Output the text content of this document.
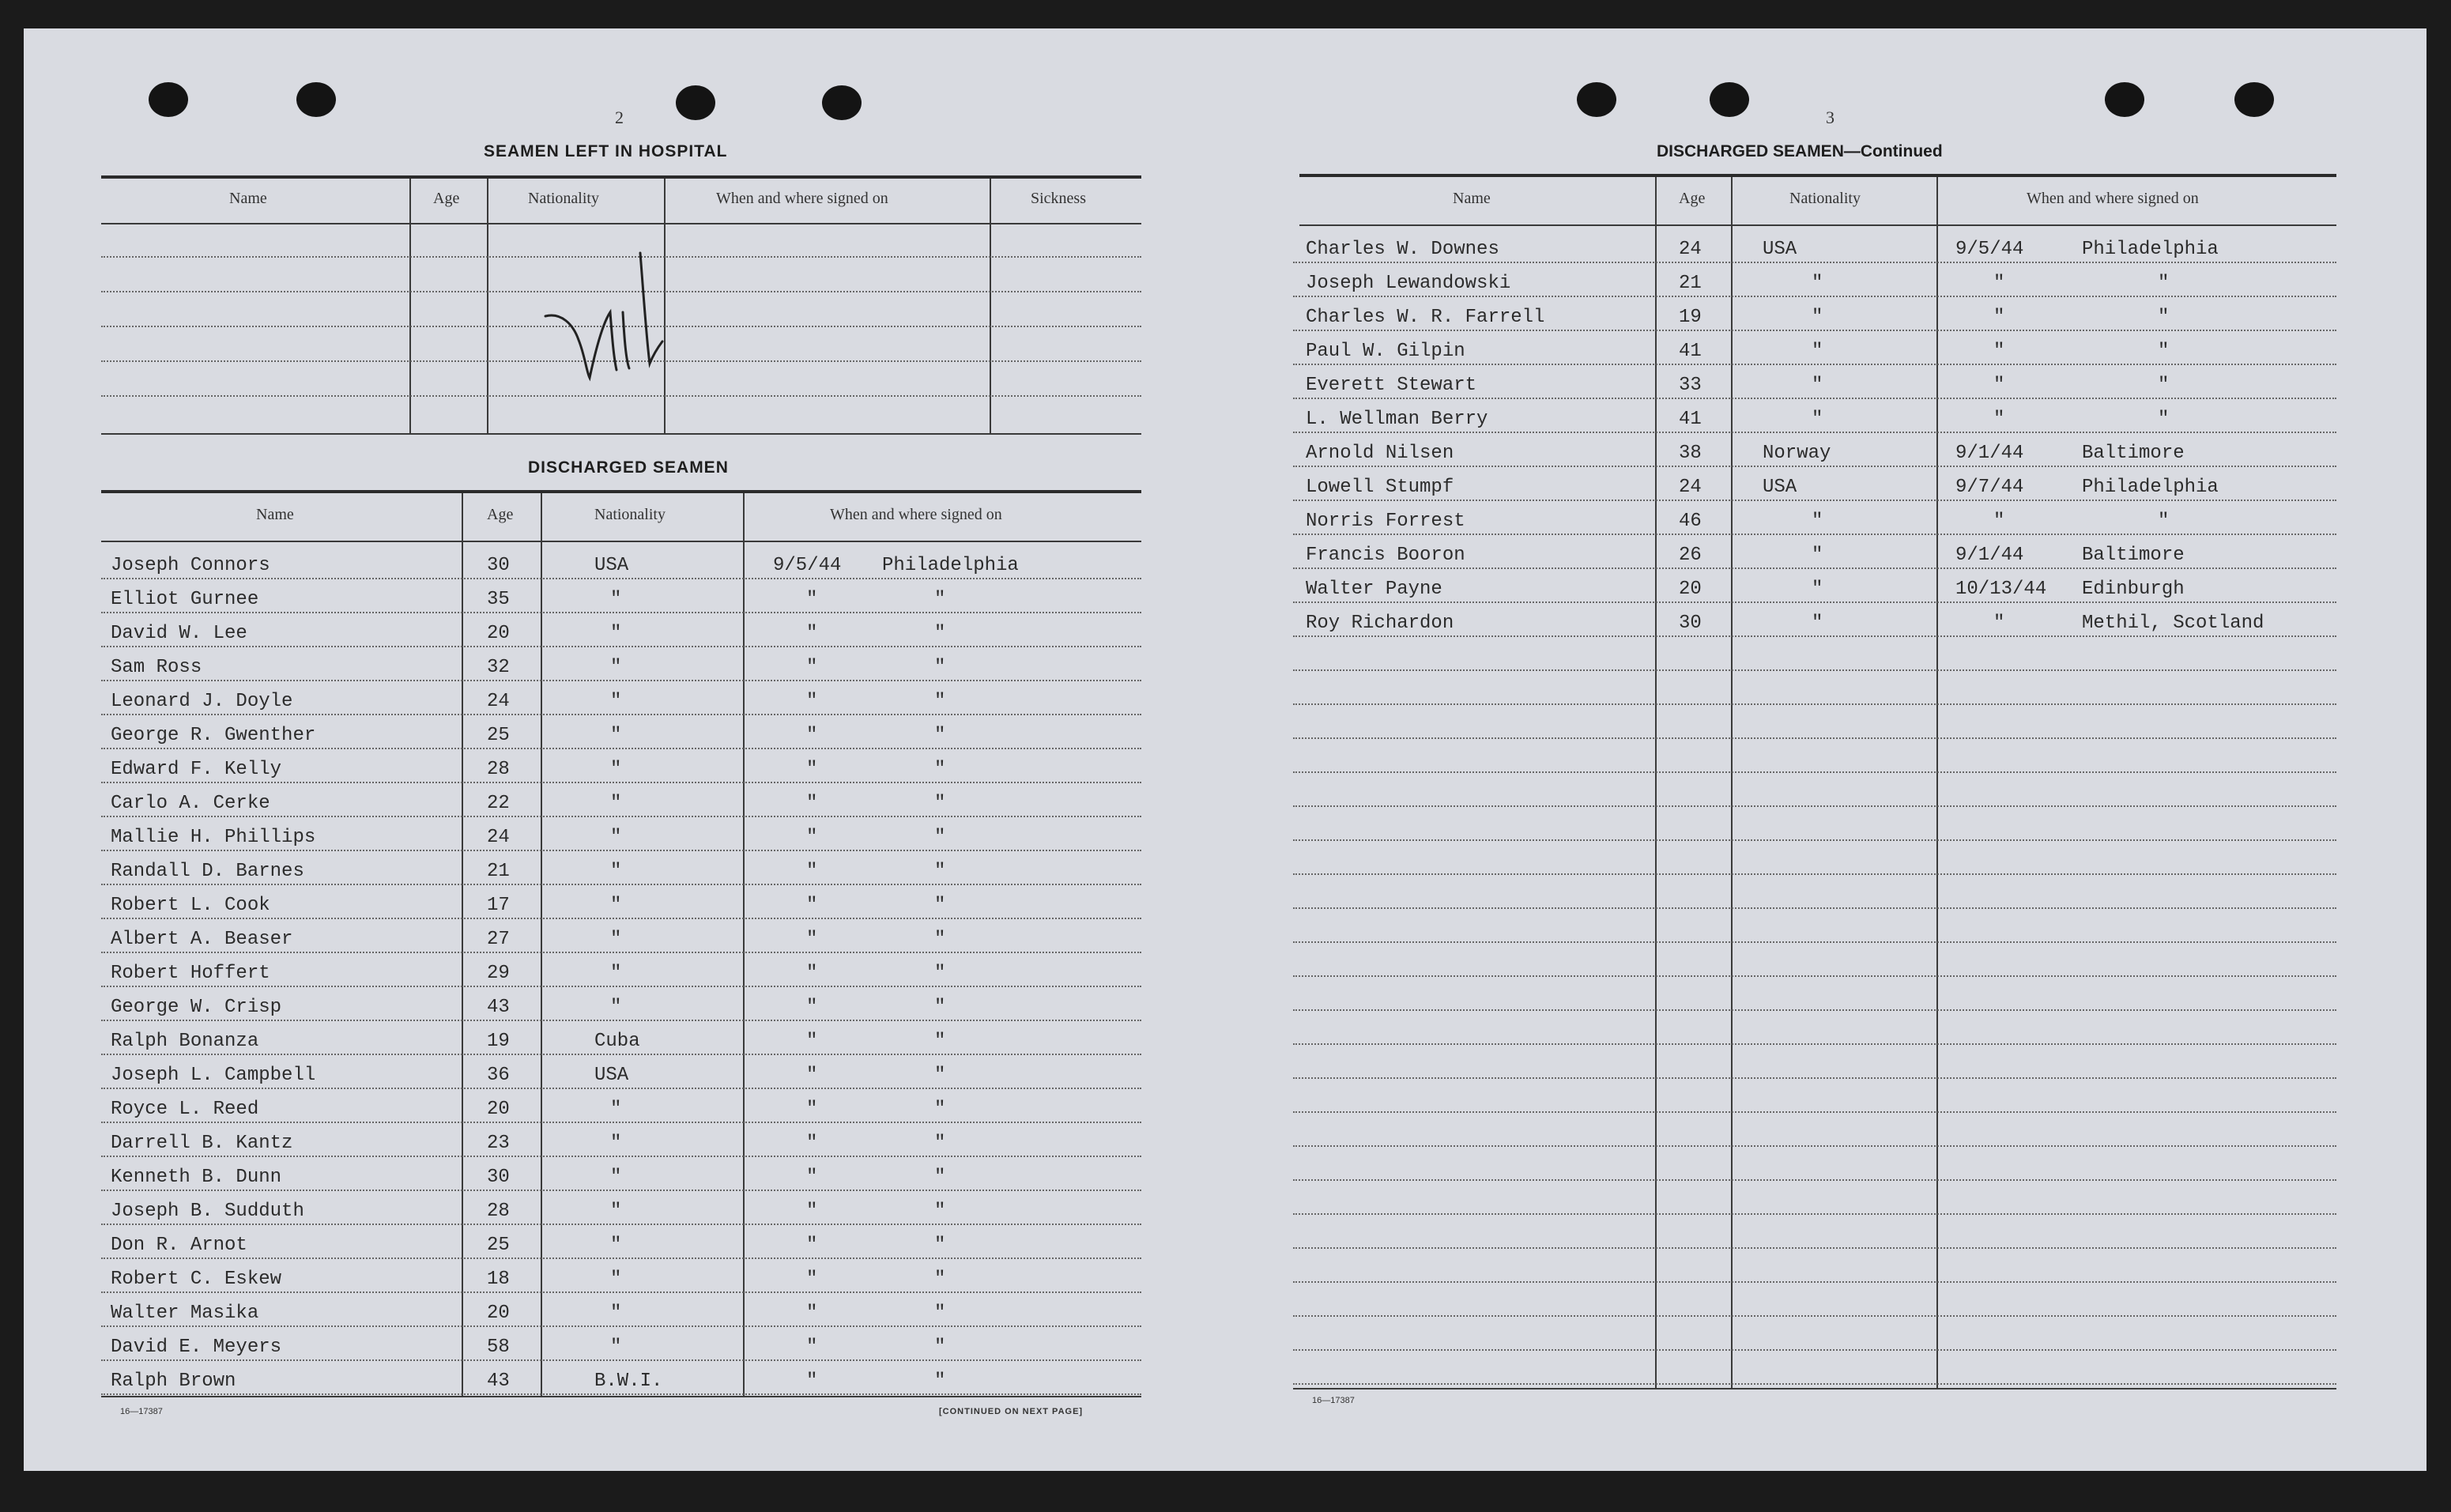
2
SEAMEN LEFT IN HOSPITAL
Name	Age	Nationality	When and where signed on	Sickness
DISCHARGED SEAMEN
Name	Age	Nationality	When and where signed on
Joseph Connors	30	USA	9/5/44 Philadelphia
Elliot Gurnee	35	"	"	"
David W. Lee	20	"	"	"
Sam Ross	32	"	"	"
Leonard J. Doyle	24	"	"	"
George R. Gwenther	25	"	"	"
Edward F. Kelly	28	"	"	"
Carlo A. Cerke	22	"	"	"
Mallie H. Phillips	24	"	"	"
Randall D. Barnes	21	"	"	"
Robert L. Cook	17	"	"	"
Albert A. Beaser	27	"	"	"
Robert Hoffert	29	"	"	"
George W. Crisp	43	"	"	"
Ralph Bonanza	19	Cuba	"	"
Joseph L. Campbell	36	USA	"	"
Royce L. Reed	20	"	"	"
Darrell B. Kantz	23	"	"	"
Kenneth B. Dunn	30	"	"	"
Joseph B. Sudduth	28	"	"	"
Don R. Arnot	25	"	"	"
Robert C. Eskew	18	"	"	"
Walter Masika	20	"	"	"
David E. Meyers	58	"	"	"
Ralph Brown	43	B.W.I.	"	"
16—17387	[CONTINUED ON NEXT PAGE]
3
DISCHARGED SEAMEN—Continued
Name	Age	Nationality	When and where signed on
Charles W. Downes	24	USA	9/5/44	Philadelphia
Joseph Lewandowski	21	"	"	"
Charles W. R. Farrell	19	"	"	"
Paul W. Gilpin	41	"	"	"
Everett Stewart	33	"	"	"
L. Wellman Berry	41	"	"	"
Arnold Nilsen	38	Norway	9/1/44	Baltimore
Lowell Stumpf	24	USA	9/7/44	Philadelphia
Norris Forrest	46	"	"	"
Francis Booron	26	"	9/1/44	Baltimore
Walter Payne	20	"	10/13/44 Edinburgh
Roy Richardon	30	"	"	Methil, Scotland
16—17387
